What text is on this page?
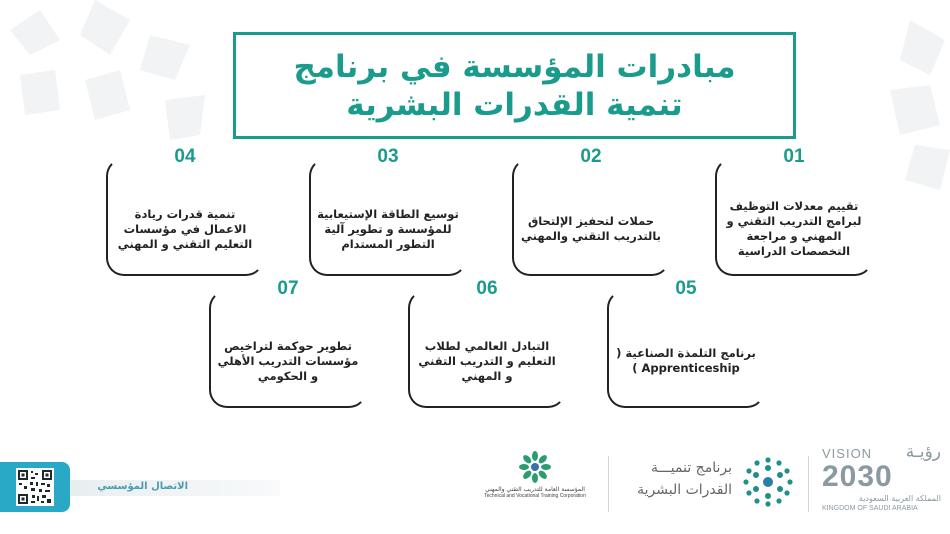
مبادرات المؤسسة في برنامج
تنمية القدرات البشرية
01
تقييم معدلات التوظيف لبرامج التدريب التقني و المهني و مراجعة التخصصات الدراسية
02
حملات لتحفيز الإلتحاق بالتدريب التقني والمهني
03
توسيع الطاقة الإستيعابية للمؤسسة و تطوير آلية التطور المستدام
04
تنمية قدرات ريادة الاعمال في مؤسسات التعليم التقني و المهني
05
برنامج التلمذة الصناعية ( Apprenticeship )
06
التبادل العالمي لطلاب التعليم و التدريب التقني و المهني
07
تطوير حوكمة لتراخيص مؤسسات التدريب الأهلي و الحكومي
الاتصال المؤسسي	المؤسسة العامة للتدريب التقني والمهني
Technical and Vocational Training Corporation
برنامج تنميـــة
القدرات البشرية
VISION رؤيـة
2030
المملكة العربية السعودية
KINGDOM OF SAUDI ARABIA
